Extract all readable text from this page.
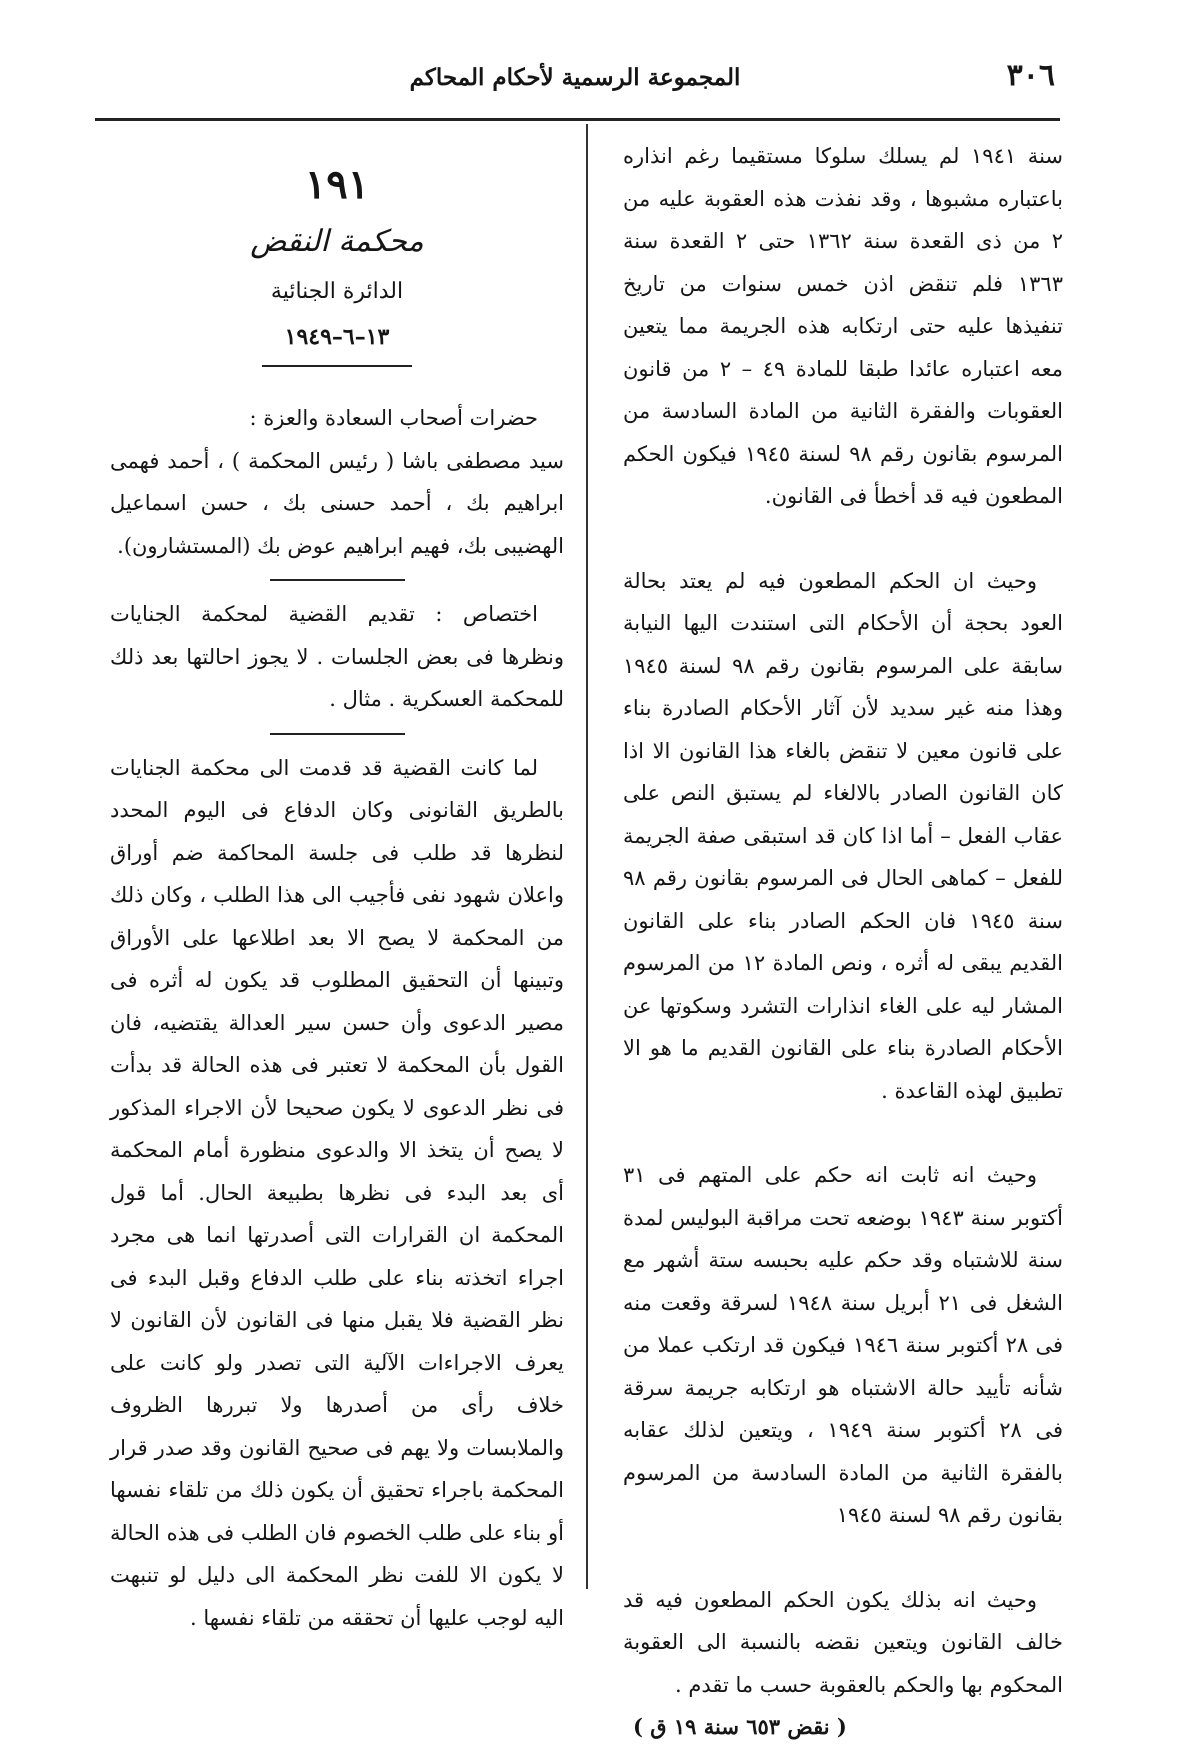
٣٠٦
المجموعة الرسمية لأحكام المحاكم

سنة ١٩٤١ لم يسلك سلوكا مستقيما رغم انذاره باعتباره مشبوها ، وقد نفذت هذه العقوبة عليه من ٢ من ذى القعدة سنة ١٣٦٢ حتى ٢ القعدة سنة ١٣٦٣ فلم تنقض اذن خمس سنوات من تاريخ تنفيذها عليه حتى ارتكابه هذه الجريمة مما يتعين معه اعتباره عائدا طبقا للمادة ٤٩ – ٢ من قانون العقوبات والفقرة الثانية من المادة السادسة من المرسوم بقانون رقم ٩٨ لسنة ١٩٤٥ فيكون الحكم المطعون فيه قد أخطأ فى القانون.

وحيث ان الحكم المطعون فيه لم يعتد بحالة العود بحجة أن الأحكام التى استندت اليها النيابة سابقة على المرسوم بقانون رقم ٩٨ لسنة ١٩٤٥ وهذا منه غير سديد لأن آثار الأحكام الصادرة بناء على قانون معين لا تنقض بالغاء هذا القانون الا اذا كان القانون الصادر بالالغاء لم يستبق النص على عقاب الفعل – أما اذا كان قد استبقى صفة الجريمة للفعل – كماهى الحال فى المرسوم بقانون رقم ٩٨ سنة ١٩٤٥ فان الحكم الصادر بناء على القانون القديم يبقى له أثره ، ونص المادة ١٢ من المرسوم المشار ليه على الغاء انذارات التشرد وسكوتها عن الأحكام الصادرة بناء على القانون القديم ما هو الا تطبيق لهذه القاعدة .

وحيث انه ثابت انه حكم على المتهم فى ٣١ أكتوبر سنة ١٩٤٣ بوضعه تحت مراقبة البوليس لمدة سنة للاشتباه وقد حكم عليه بحبسه ستة أشهر مع الشغل فى ٢١ أبريل سنة ١٩٤٨ لسرقة وقعت منه فى ٢٨ أكتوبر سنة ١٩٤٦ فيكون قد ارتكب عملا من شأنه تأييد حالة الاشتباه هو ارتكابه جريمة سرقة فى ٢٨ أكتوبر سنة ١٩٤٩ ، ويتعين لذلك عقابه بالفقرة الثانية من المادة السادسة من المرسوم بقانون رقم ٩٨ لسنة ١٩٤٥

وحيث انه بذلك يكون الحكم المطعون فيه قد خالف القانون ويتعين نقضه بالنسبة الى العقوبة المحكوم بها والحكم بالعقوبة حسب ما تقدم .

( نقض ٦٥٣ سنة ١٩ ق )

١٩١
محكمة النقض
الدائرة الجنائية
١٣–٦–١٩٤٩

حضرات أصحاب السعادة والعزة :

سيد مصطفى باشا ( رئيس المحكمة ) ، أحمد فهمى ابراهيم بك ، أحمد حسنى بك ، حسن اسماعيل الهضيبى بك، فهيم ابراهيم عوض بك (المستشارون).

اختصاص : تقديم القضية لمحكمة الجنايات ونظرها فى بعض الجلسات . لا يجوز احالتها بعد ذلك للمحكمة العسكرية . مثال .

لما كانت القضية قد قدمت الى محكمة الجنايات بالطريق القانونى وكان الدفاع فى اليوم المحدد لنظرها قد طلب فى جلسة المحاكمة ضم أوراق واعلان شهود نفى فأجيب الى هذا الطلب ، وكان ذلك من المحكمة لا يصح الا بعد اطلاعها على الأوراق وتبينها أن التحقيق المطلوب قد يكون له أثره فى مصير الدعوى وأن حسن سير العدالة يقتضيه، فان القول بأن المحكمة لا تعتبر فى هذه الحالة قد بدأت فى نظر الدعوى لا يكون صحيحا لأن الاجراء المذكور لا يصح أن يتخذ الا والدعوى منظورة أمام المحكمة أى بعد البدء فى نظرها بطبيعة الحال. أما قول المحكمة ان القرارات التى أصدرتها انما هى مجرد اجراء اتخذته بناء على طلب الدفاع وقبل البدء فى نظر القضية فلا يقبل منها فى القانون لأن القانون لا يعرف الاجراءات الآلية التى تصدر ولو كانت على خلاف رأى من أصدرها ولا تبررها الظروف والملابسات ولا يهم فى صحيح القانون وقد صدر قرار المحكمة باجراء تحقيق أن يكون ذلك من تلقاء نفسها أو بناء على طلب الخصوم فان الطلب فى هذه الحالة لا يكون الا للفت نظر المحكمة الى دليل لو تنبهت اليه لوجب عليها أن تحققه من تلقاء نفسها .
